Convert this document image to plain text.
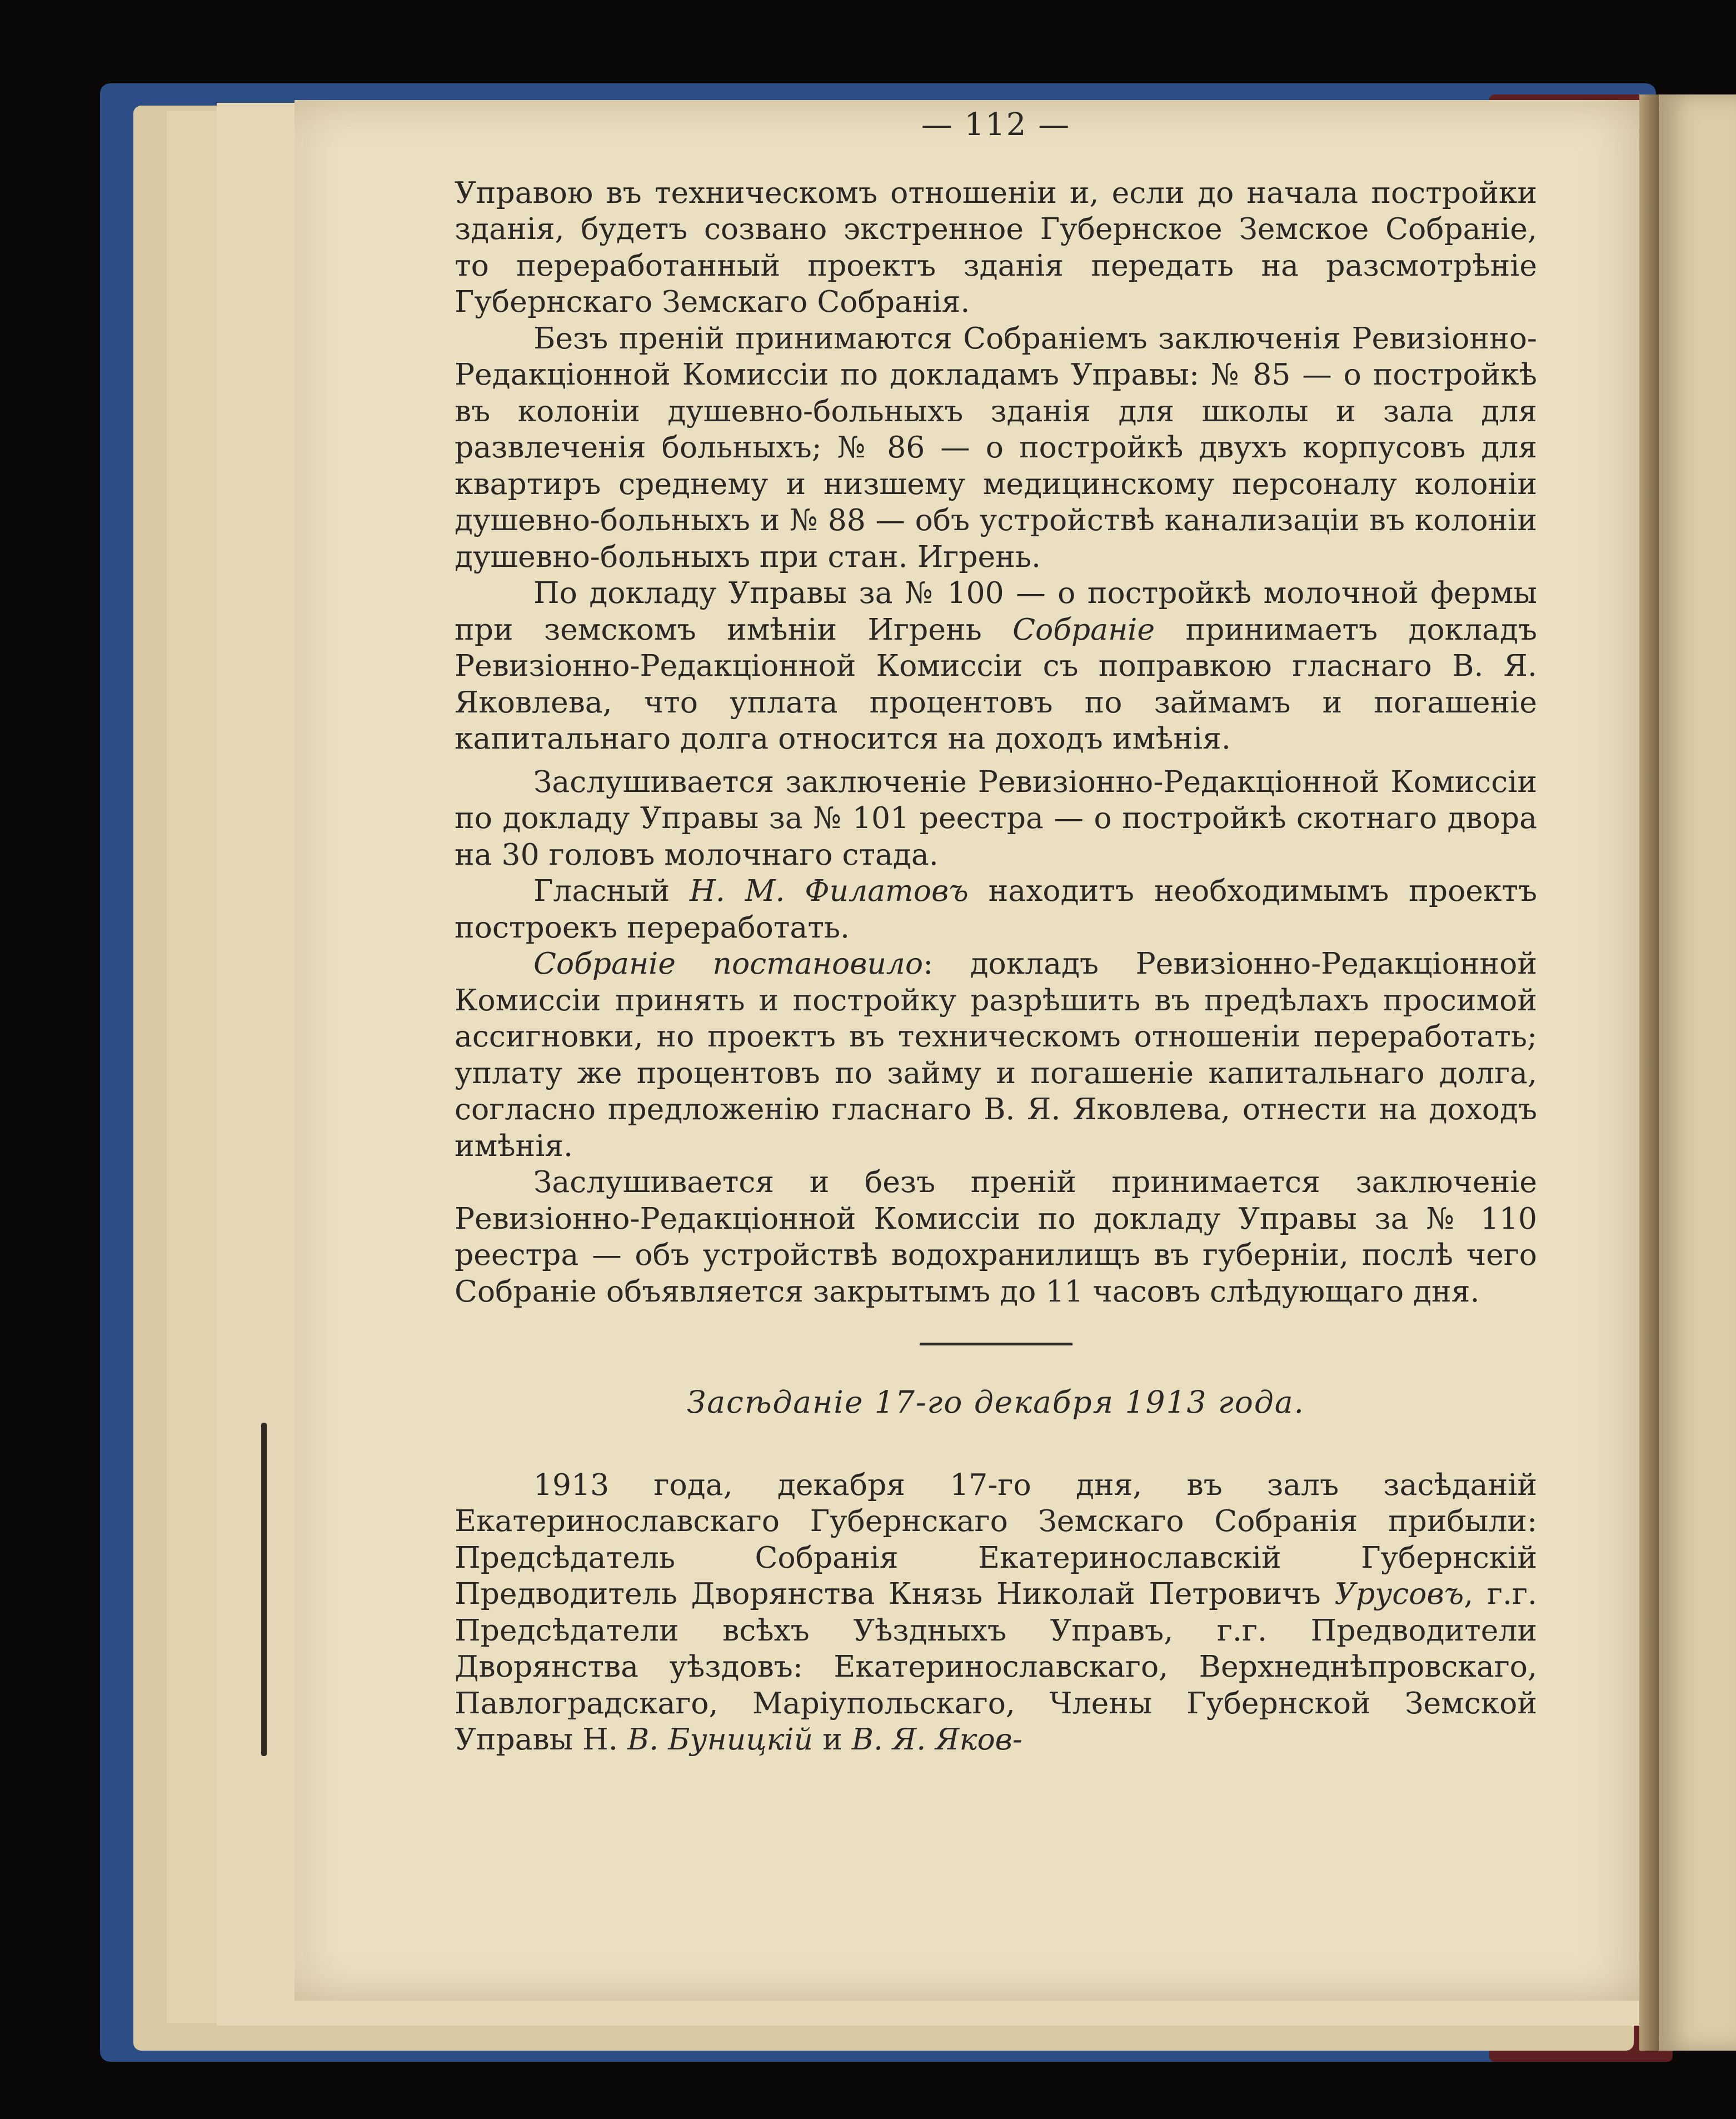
— 112 —

Управою въ техническомъ отношеніи и, если до начала постройки зданія, будетъ созвано экстренное Губернское Земское Собраніе, то переработанный проектъ зданія передать на разсмотрѣніе Губернскаго Земскаго Собранія.

Безъ преній принимаются Собраніемъ заключенія Ревизіонно-Редакціонной Комиссіи по докладамъ Управы: № 85 — о постройкѣ въ колоніи душевно-больныхъ зданія для школы и зала для развлеченія больныхъ; № 86 — о постройкѣ двухъ корпусовъ для квартиръ среднему и низшему медицинскому персоналу колоніи душевно-больныхъ и № 88 — объ устройствѣ канализаціи въ колоніи душевно-больныхъ при стан. Игрень.

По докладу Управы за № 100 — о постройкѣ молочной фермы при земскомъ имѣніи Игрень Собраніе принимаетъ докладъ Ревизіонно-Редакціонной Комиссіи съ поправкою гласнаго В. Я. Яковлева, что уплата процентовъ по займамъ и погашеніе капитальнаго долга относится на доходъ имѣнія.

Заслушивается заключеніе Ревизіонно-Редакціонной Комиссіи по докладу Управы за № 101 реестра — о постройкѣ скотнаго двора на 30 головъ молочнаго стада.

Гласный Н. М. Филатовъ находитъ необходимымъ проектъ построекъ переработать.

Собраніе постановило: докладъ Ревизіонно-Редакціонной Комиссіи принять и постройку разрѣшить въ предѣлахъ просимой ассигновки, но проектъ въ техническомъ отношеніи переработать; уплату же процентовъ по займу и погашеніе капитальнаго долга, согласно предложенію гласнаго В. Я. Яковлева, отнести на доходъ имѣнія.

Заслушивается и безъ преній принимается заключеніе Ревизіонно-Редакціонной Комиссіи по докладу Управы за № 110 реестра — объ устройствѣ водохранилищъ въ губерніи, послѣ чего Собраніе объявляется закрытымъ до 11 часовъ слѣдующаго дня.

Засѣданіе 17-го декабря 1913 года.

1913 года, декабря 17-го дня, въ залъ засѣданій Екатеринославскаго Губернскаго Земскаго Собранія прибыли: Предсѣдатель Собранія Екатеринославскій Губернскій Предводитель Дворянства Князь Николай Петровичъ Урусовъ, г.г. Предсѣдатели всѣхъ Уѣздныхъ Управъ, г.г. Предводители Дворянства уѣздовъ: Екатеринославскаго, Верхнеднѣпровскаго, Павлоградскаго, Маріупольскаго, Члены Губернской Земской Управы Н. В. Буницкій и В. Я. Яков-
